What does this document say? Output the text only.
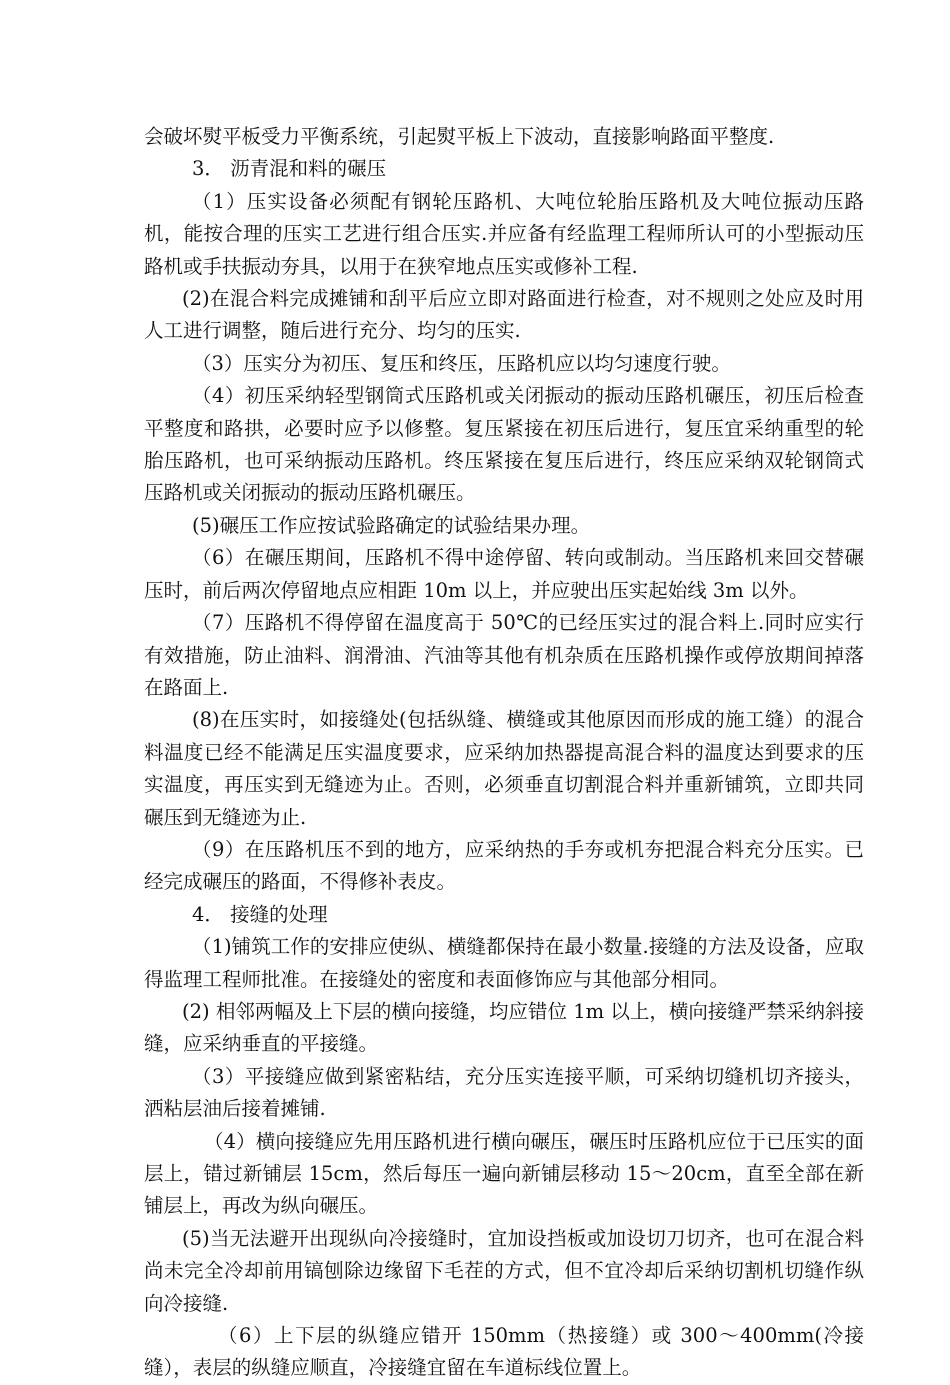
会破坏熨平板受力平衡系统，引起熨平板上下波动，直接影响路面平整度.

3． 沥青混和料的碾压

（1）压实设备必须配有钢轮压路机、大吨位轮胎压路机及大吨位振动压路机，能按合理的压实工艺进行组合压实.并应备有经监理工程师所认可的小型振动压路机或手扶振动夯具，以用于在狭窄地点压实或修补工程.

(2)在混合料完成摊铺和刮平后应立即对路面进行检查，对不规则之处应及时用人工进行调整，随后进行充分、均匀的压实.

（3）压实分为初压、复压和终压，压路机应以均匀速度行驶。

（4）初压采纳轻型钢筒式压路机或关闭振动的振动压路机碾压，初压后检查平整度和路拱，必要时应予以修整。复压紧接在初压后进行，复压宜采纳重型的轮胎压路机，也可采纳振动压路机。终压紧接在复压后进行，终压应采纳双轮钢筒式压路机或关闭振动的振动压路机碾压。

(5)碾压工作应按试验路确定的试验结果办理。

（6）在碾压期间，压路机不得中途停留、转向或制动。当压路机来回交替碾压时，前后两次停留地点应相距 10m 以上，并应驶出压实起始线 3m 以外。

（7）压路机不得停留在温度高于 50℃的已经压实过的混合料上.同时应实行有效措施，防止油料、润滑油、汽油等其他有机杂质在压路机操作或停放期间掉落在路面上.

(8)在压实时，如接缝处(包括纵缝、横缝或其他原因而形成的施工缝）的混合料温度已经不能满足压实温度要求，应采纳加热器提高混合料的温度达到要求的压实温度，再压实到无缝迹为止。否则，必须垂直切割混合料并重新铺筑，立即共同碾压到无缝迹为止.

（9）在压路机压不到的地方，应采纳热的手夯或机夯把混合料充分压实。已经完成碾压的路面，不得修补表皮。

4． 接缝的处理

（1)铺筑工作的安排应使纵、横缝都保持在最小数量.接缝的方法及设备，应取得监理工程师批准。在接缝处的密度和表面修饰应与其他部分相同。

(2) 相邻两幅及上下层的横向接缝，均应错位 1m 以上，横向接缝严禁采纳斜接缝，应采纳垂直的平接缝。

（3）平接缝应做到紧密粘结，充分压实连接平顺，可采纳切缝机切齐接头，洒粘层油后接着摊铺.

（4）横向接缝应先用压路机进行横向碾压，碾压时压路机应位于已压实的面层上，错过新铺层 15cm，然后每压一遍向新铺层移动 15～20cm，直至全部在新铺层上，再改为纵向碾压。

(5)当无法避开出现纵向冷接缝时，宜加设挡板或加设切刀切齐，也可在混合料尚未完全冷却前用镐刨除边缘留下毛茬的方式，但不宜冷却后采纳切割机切缝作纵向冷接缝.

（6）上下层的纵缝应错开 150mm（热接缝）或 300～400mm(冷接缝），表层的纵缝应顺直，冷接缝宜留在车道标线位置上。
